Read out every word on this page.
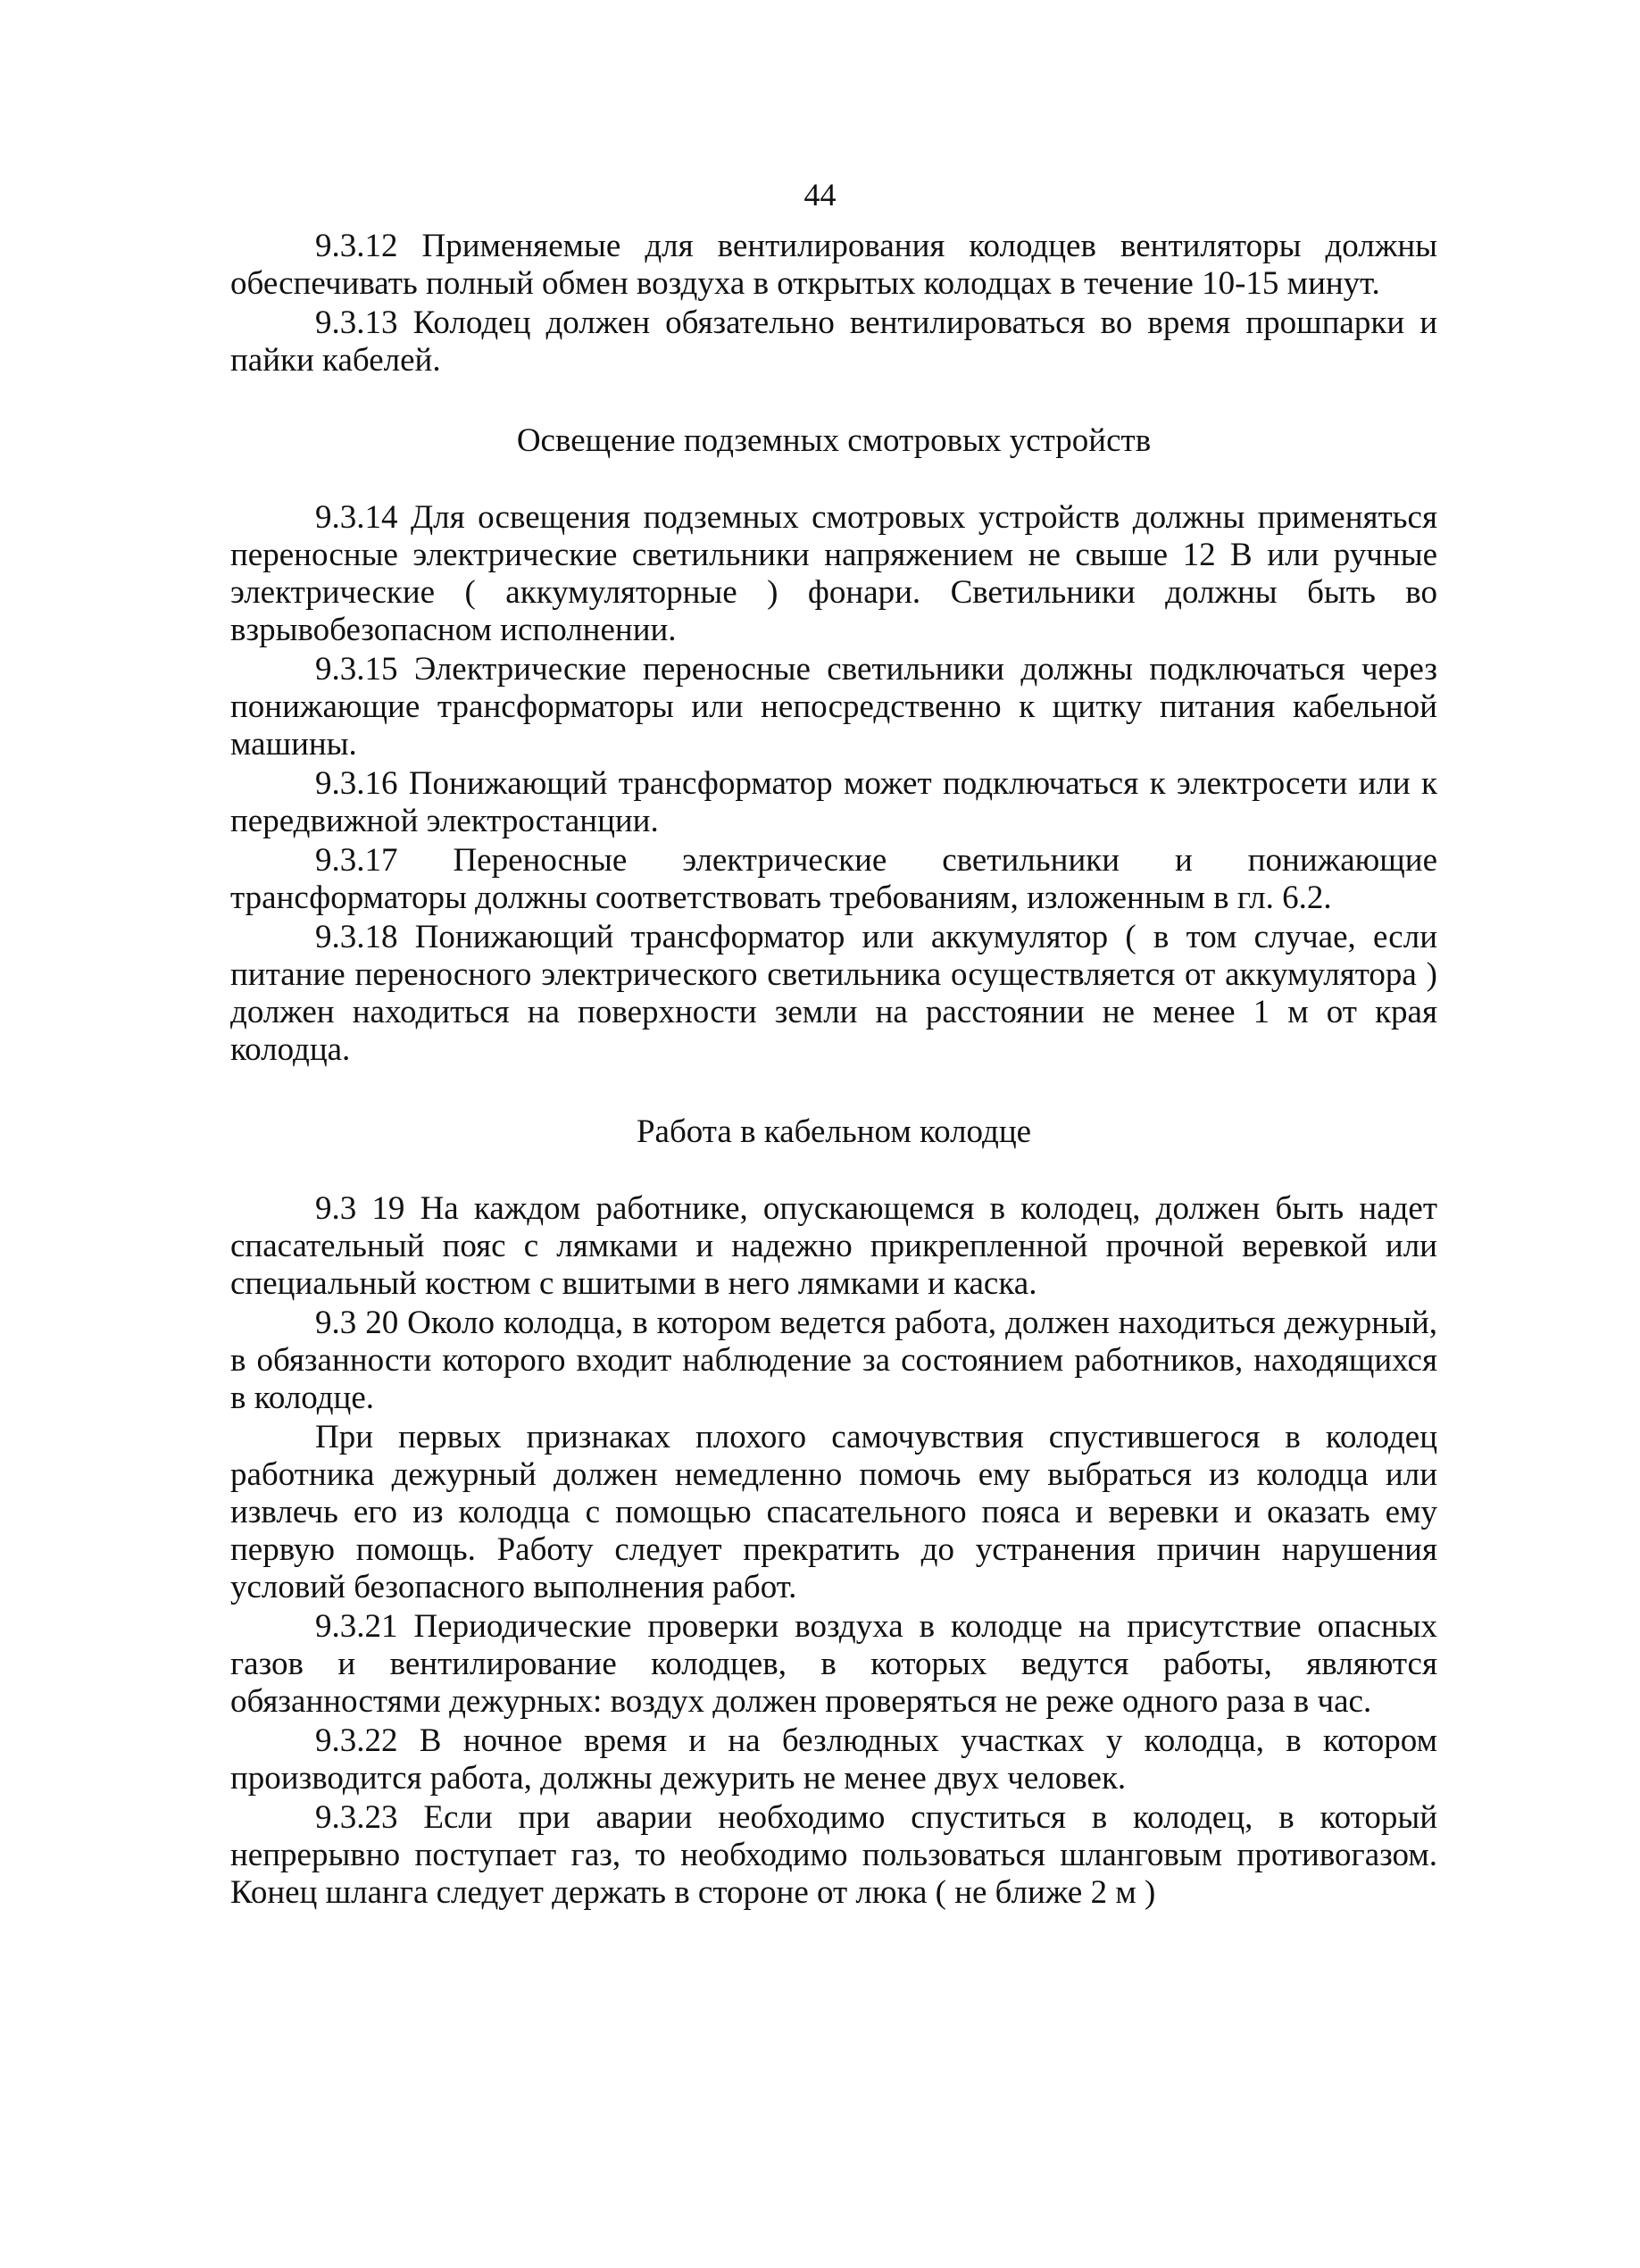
44

9.3.12 Применяемые для вентилирования колодцев вентиляторы должны обеспечивать полный обмен воздуха в открытых колодцах в течение 10-15 минут.

9.3.13 Колодец должен обязательно вентилироваться во время прошпарки и пайки кабелей.

Освещение подземных смотровых устройств

9.3.14 Для освещения подземных смотровых устройств должны применяться переносные электрические светильники напряжением не свыше 12 В или ручные электрические ( аккумуляторные ) фонари. Светильники должны быть во взрывобезопасном исполнении.

9.3.15 Электрические переносные светильники должны подключаться через понижающие трансформаторы или непосредственно к щитку питания кабельной машины.

9.3.16 Понижающий трансформатор может подключаться к электросети или к передвижной электростанции.

9.3.17 Переносные электрические светильники и понижающие трансформаторы должны соответствовать требованиям, изложенным в гл. 6.2.

9.3.18 Понижающий трансформатор или аккумулятор ( в том случае, если питание переносного электрического светильника осуществляется от аккумулятора ) должен находиться на поверхности земли на расстоянии не менее 1 м от края колодца.

Работа в кабельном колодце

9.3 19 На каждом работнике, опускающемся в колодец, должен быть надет спасательный пояс с лямками и надежно прикрепленной прочной веревкой или специальный костюм с вшитыми в него лямками и каска.

9.3 20 Около колодца, в котором ведется работа, должен находиться дежурный, в обязанности которого входит наблюдение за состоянием работников, находящихся в колодце.

При первых признаках плохого самочувствия спустившегося в колодец работника дежурный должен немедленно помочь ему выбраться из колодца или извлечь его из колодца с помощью спасательного пояса и веревки и оказать ему первую помощь. Работу следует прекратить до устранения причин нарушения условий безопасного выполнения работ.

9.3.21 Периодические проверки воздуха в колодце на присутствие опасных газов и вентилирование колодцев, в которых ведутся работы, являются обязанностями дежурных: воздух должен проверяться не реже одного раза в час.

9.3.22 В ночное время и на безлюдных участках у колодца, в котором производится работа, должны дежурить не менее двух человек.

9.3.23 Если при аварии необходимо спуститься в колодец, в который непрерывно поступает газ, то необходимо пользоваться шланговым противогазом. Конец шланга следует держать в стороне от люка ( не ближе 2 м )
